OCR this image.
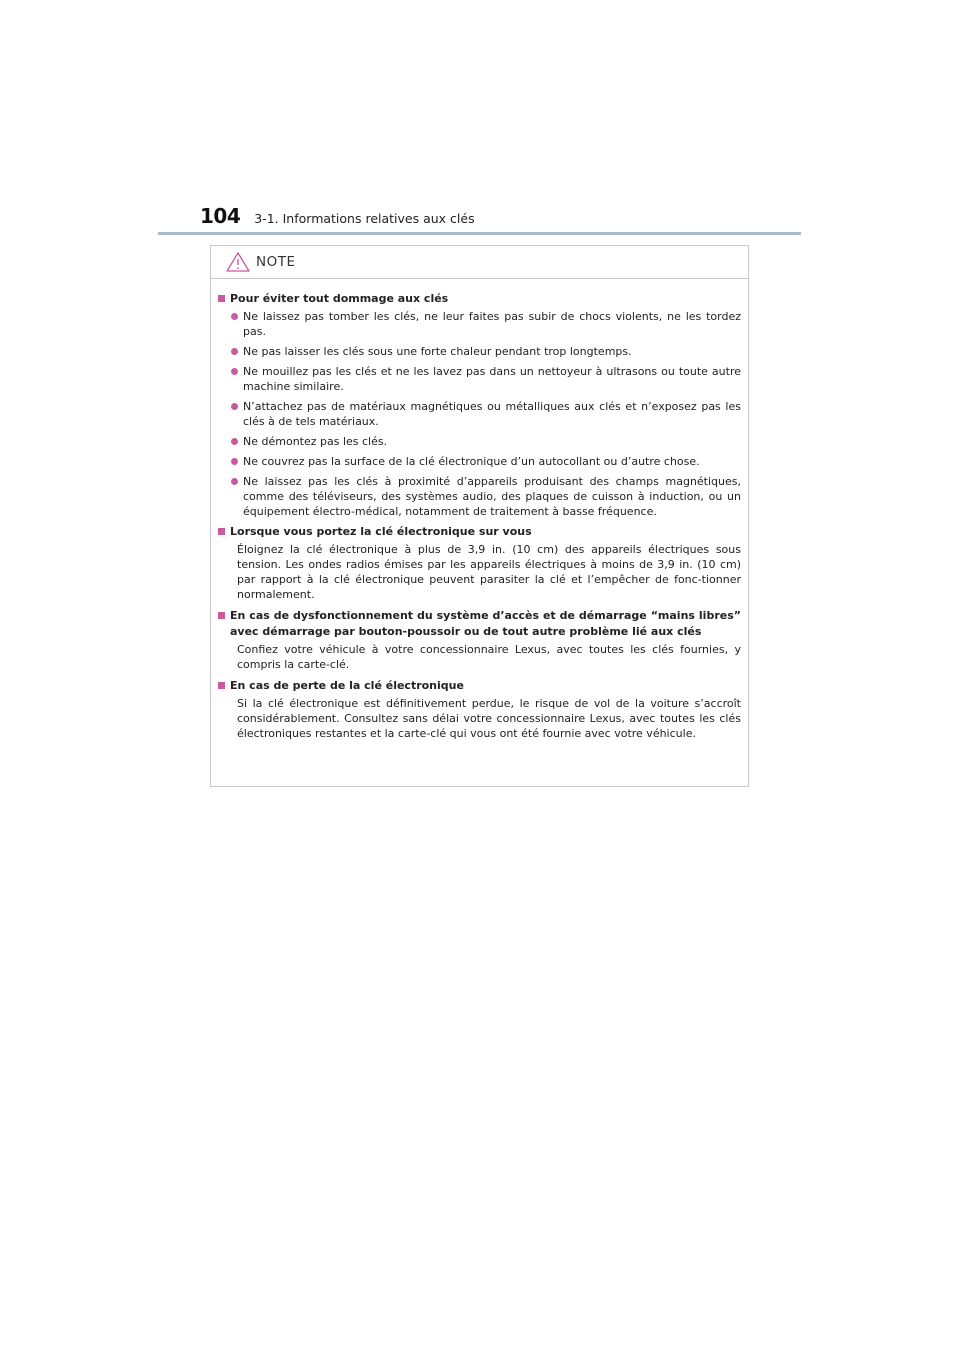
104 3-1. Informations relatives aux clés
NOTE
Pour éviter tout dommage aux clés
Ne laissez pas tomber les clés, ne leur faites pas subir de chocs violents, ne les tordez pas.
Ne pas laisser les clés sous une forte chaleur pendant trop longtemps.
Ne mouillez pas les clés et ne les lavez pas dans un nettoyeur à ultrasons ou toute autre machine similaire.
N’attachez pas de matériaux magnétiques ou métalliques aux clés et n’exposez pas les clés à de tels matériaux.
Ne démontez pas les clés.
Ne couvrez pas la surface de la clé électronique d’un autocollant ou d’autre chose.
Ne laissez pas les clés à proximité d’appareils produisant des champs magnétiques, comme des téléviseurs, des systèmes audio, des plaques de cuisson à induction, ou un équipement électro-médical, notamment de traitement à basse fréquence.
Lorsque vous portez la clé électronique sur vous
Éloignez la clé électronique à plus de 3,9 in. (10 cm) des appareils électriques sous tension. Les ondes radios émises par les appareils électriques à moins de 3,9 in. (10 cm) par rapport à la clé électronique peuvent parasiter la clé et l’empêcher de fonc-tionner normalement.
En cas de dysfonctionnement du système d’accès et de démarrage “mains libres” avec démarrage par bouton-poussoir ou de tout autre problème lié aux clés
Confiez votre véhicule à votre concessionnaire Lexus, avec toutes les clés fournies, y compris la carte-clé.
En cas de perte de la clé électronique
Si la clé électronique est définitivement perdue, le risque de vol de la voiture s’accroît considérablement. Consultez sans délai votre concessionnaire Lexus, avec toutes les clés électroniques restantes et la carte-clé qui vous ont été fournie avec votre véhicule.
